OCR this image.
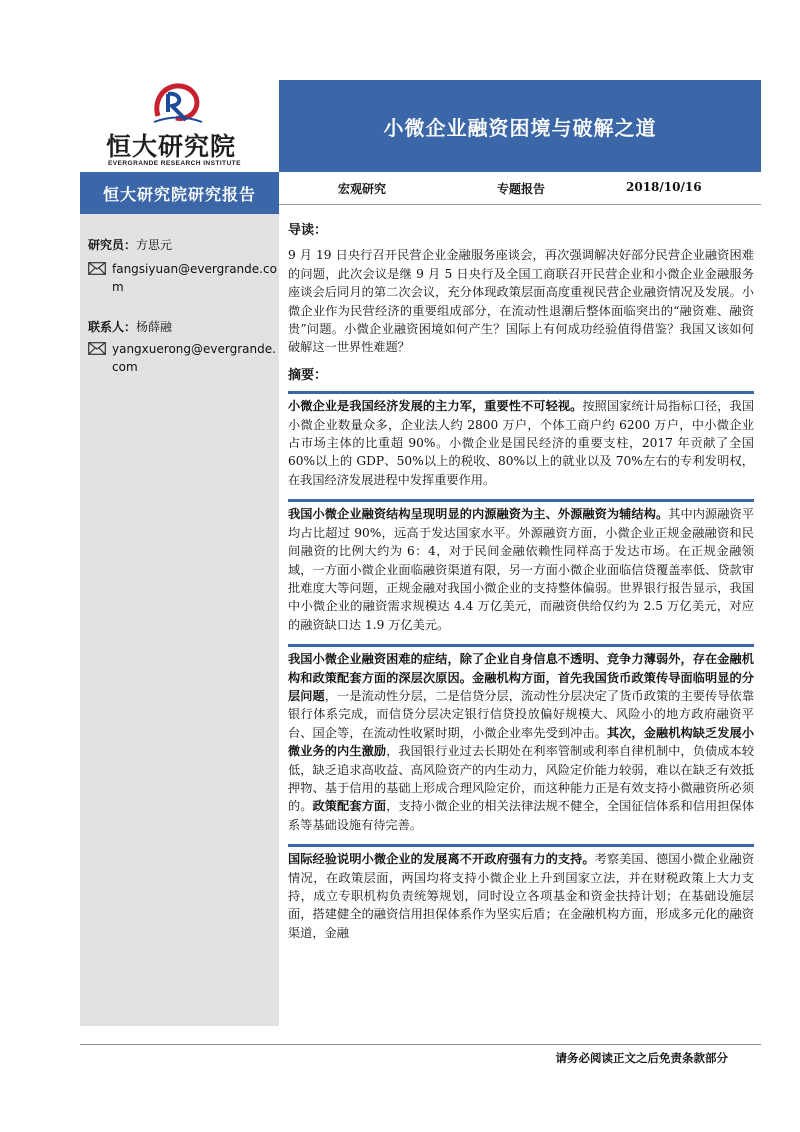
恒大研究院
EVERGRANDE RESEARCH INSTITUTE
小微企业融资困境与破解之道
恒大研究院研究报告	宏观研究	专题报告	2018/10/16
研究员：方思元
fangsiyuan@evergrande.com
联系人：杨薛融
yangxuerong@evergrande.com

导读：

9 月 19 日央行召开民营企业金融服务座谈会，再次强调解决好部分民营企业融资困难的问题，此次会议是继 9 月 5 日央行及全国工商联召开民营企业和小微企业金融服务座谈会后同月的第二次会议，充分体现政策层面高度重视民营企业融资情况及发展。小微企业作为民营经济的重要组成部分，在流动性退潮后整体面临突出的“融资难、融资贵”问题。小微企业融资困境如何产生？国际上有何成功经验值得借鉴？我国又该如何破解这一世界性难题？

摘要：

小微企业是我国经济发展的主力军，重要性不可轻视。按照国家统计局指标口径，我国小微企业数量众多，企业法人约 2800 万户，个体工商户约 6200 万户，中小微企业占市场主体的比重超 90%。小微企业是国民经济的重要支柱，2017 年贡献了全国 60%以上的 GDP、50%以上的税收、80%以上的就业以及 70%左右的专利发明权，在我国经济发展进程中发挥重要作用。

我国小微企业融资结构呈现明显的内源融资为主、外源融资为辅结构。其中内源融资平均占比超过 90%，远高于发达国家水平。外源融资方面，小微企业正规金融融资和民间融资的比例大约为 6：4，对于民间金融依赖性同样高于发达市场。在正规金融领域，一方面小微企业面临融资渠道有限，另一方面小微企业面临信贷覆盖率低、贷款审批难度大等问题，正规金融对我国小微企业的支持整体偏弱。世界银行报告显示，我国中小微企业的融资需求规模达 4.4 万亿美元，而融资供给仅约为 2.5 万亿美元，对应的融资缺口达 1.9 万亿美元。

我国小微企业融资困难的症结，除了企业自身信息不透明、竞争力薄弱外，存在金融机构和政策配套方面的深层次原因。金融机构方面，首先我国货币政策传导面临明显的分层问题，一是流动性分层，二是信贷分层，流动性分层决定了货币政策的主要传导依靠银行体系完成，而信贷分层决定银行信贷投放偏好规模大、风险小的地方政府融资平台、国企等，在流动性收紧时期，小微企业率先受到冲击。其次，金融机构缺乏发展小微业务的内生激励，我国银行业过去长期处在利率管制或利率自律机制中，负债成本较低，缺乏追求高收益、高风险资产的内生动力，风险定价能力较弱，难以在缺乏有效抵押物、基于信用的基础上形成合理风险定价，而这种能力正是有效支持小微融资所必须的。政策配套方面，支持小微企业的相关法律法规不健全，全国征信体系和信用担保体系等基础设施有待完善。

国际经验说明小微企业的发展离不开政府强有力的支持。考察美国、德国小微企业融资情况，在政策层面，两国均将支持小微企业上升到国家立法，并在财税政策上大力支持，成立专职机构负责统筹规划，同时设立各项基金和资金扶持计划；在基础设施层面，搭建健全的融资信用担保体系作为坚实后盾；在金融机构方面，形成多元化的融资渠道，金融

请务必阅读正文之后免责条款部分
